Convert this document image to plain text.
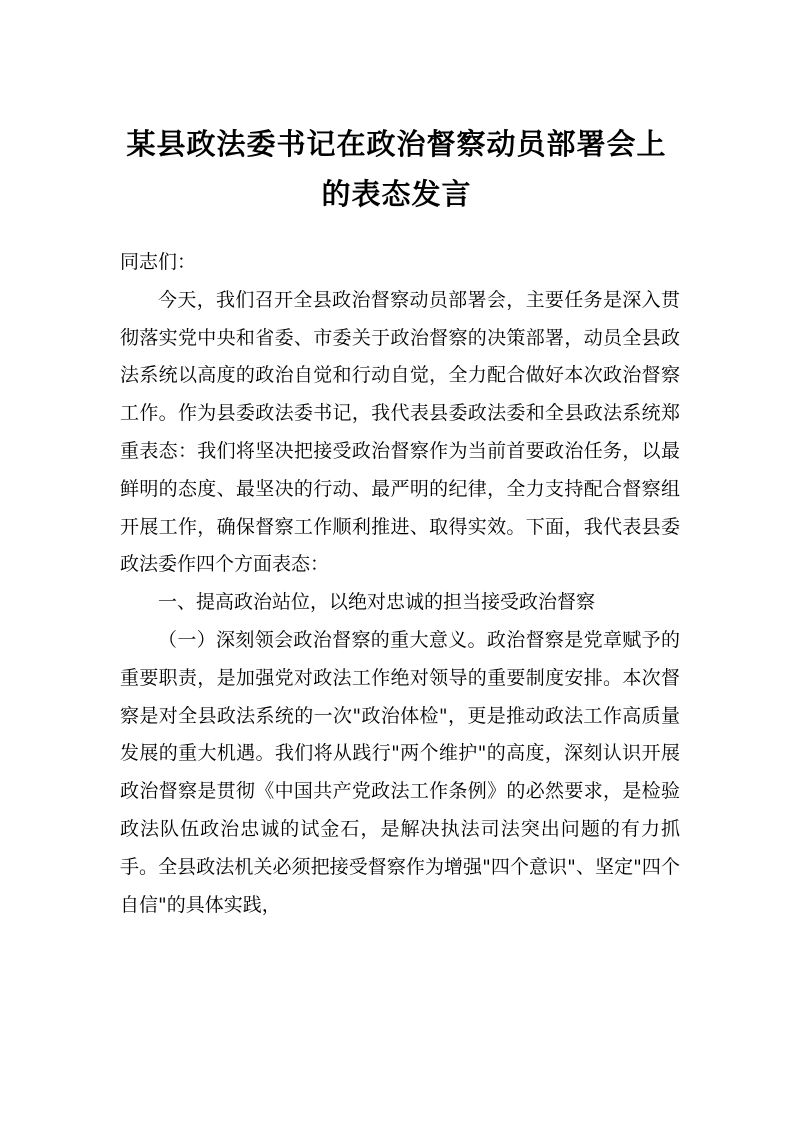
某县政法委书记在政治督察动员部署会上
的表态发言

同志们：

今天，我们召开全县政治督察动员部署会，主要任务是深入贯彻落实党中央和省委、市委关于政治督察的决策部署，动员全县政法系统以高度的政治自觉和行动自觉，全力配合做好本次政治督察工作。作为县委政法委书记，我代表县委政法委和全县政法系统郑重表态：我们将坚决把接受政治督察作为当前首要政治任务，以最鲜明的态度、最坚决的行动、最严明的纪律，全力支持配合督察组开展工作，确保督察工作顺利推进、取得实效。下面，我代表县委政法委作四个方面表态：

一、提高政治站位，以绝对忠诚的担当接受政治督察

（一）深刻领会政治督察的重大意义。政治督察是党章赋予的重要职责，是加强党对政法工作绝对领导的重要制度安排。本次督察是对全县政法系统的一次"政治体检"，更是推动政法工作高质量发展的重大机遇。我们将从践行"两个维护"的高度，深刻认识开展政治督察是贯彻《中国共产党政法工作条例》的必然要求，是检验政法队伍政治忠诚的试金石，是解决执法司法突出问题的有力抓手。全县政法机关必须把接受督察作为增强"四个意识"、坚定"四个自信"的具体实践，
